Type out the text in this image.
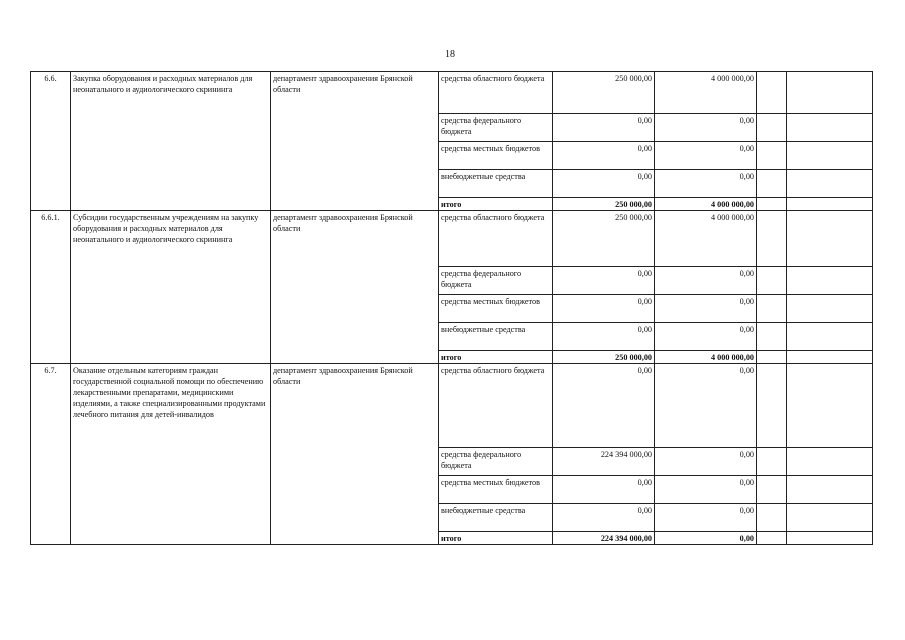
18
6.6.	Закупка оборудования и расходных материалов для неонатального и аудиологического скрининга	департамент здравоохранения Брянской области	средства областного бюджета	250 000,00	4 000 000,00		
			средства федерального бюджета	0,00	0,00		
			средства местных бюджетов	0,00	0,00		
			внебюджетные средства	0,00	0,00		
			итого	250 000,00	4 000 000,00		
6.6.1.	Субсидии государственным учреждениям на закупку оборудования и расходных материалов для неонатального и аудиологического скрининга	департамент здравоохранения Брянской области	средства областного бюджета	250 000,00	4 000 000,00		
			средства федерального бюджета	0,00	0,00		
			средства местных бюджетов	0,00	0,00		
			внебюджетные средства	0,00	0,00		
			итого	250 000,00	4 000 000,00		
6.7.	Оказание отдельным категориям граждан государственной социальной помощи по обеспечению лекарственными препаратами, медицинскими изделиями, а также специализированными продуктами лечебного питания для детей-инвалидов	департамент здравоохранения Брянской области	средства областного бюджета	0,00	0,00		
			средства федерального бюджета	224 394 000,00	0,00		
			средства местных бюджетов	0,00	0,00		
			внебюджетные средства	0,00	0,00		
			итого	224 394 000,00	0,00		
